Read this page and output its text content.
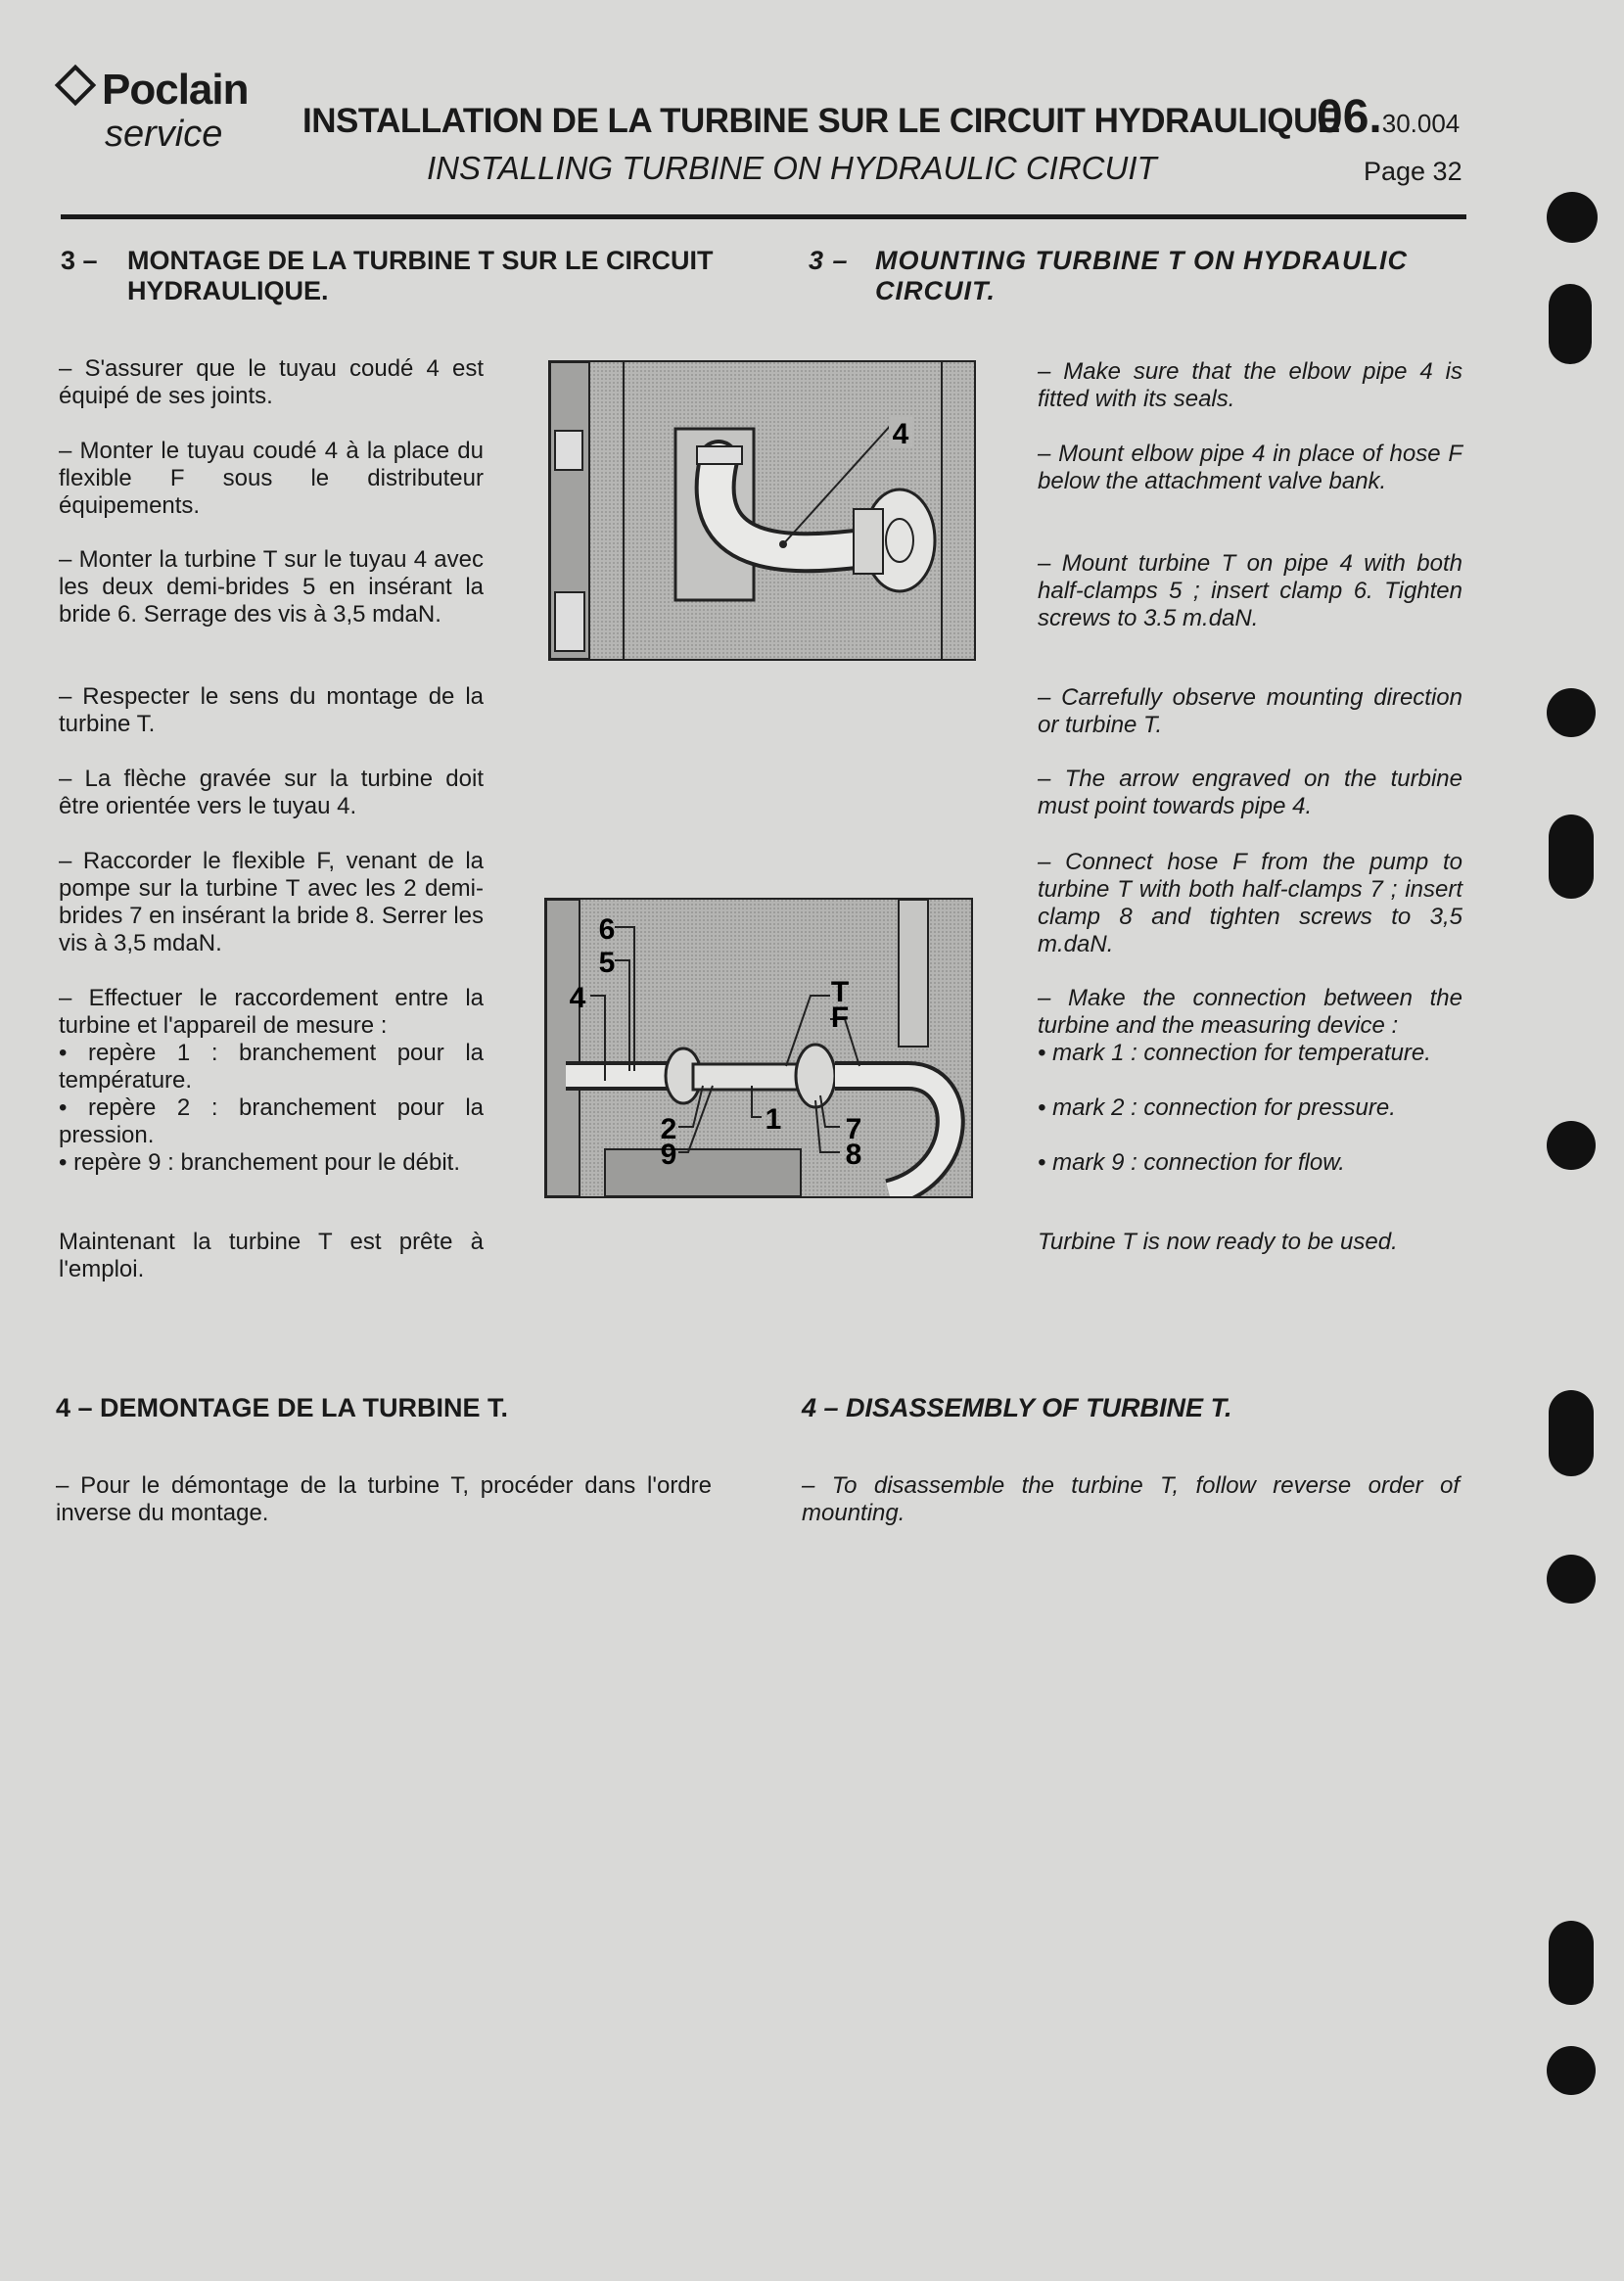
Poclain
service INSTALLATION DE LA TURBINE SUR LE CIRCUIT HYDRAULIQUE
INSTALLING TURBINE ON HYDRAULIC CIRCUIT
06.30.004
Page 32
3 – MONTAGE DE LA TURBINE T SUR LE CIRCUIT
HYDRAULIQUE.
3 – MOUNTING TURBINE T ON HYDRAULIC
CIRCUIT.
– S'assurer que le tuyau coudé 4 est équipé de ses joints.
– Monter le tuyau coudé 4 à la place du flexible F sous le distributeur équipements.
– Monter la turbine T sur le tuyau 4 avec les deux demi-brides 5 en insérant la bride 6. Serrage des vis à 3,5 mdaN.
– Respecter le sens du montage de la turbine T.
– La flèche gravée sur la turbine doit être orientée vers le tuyau 4.
– Raccorder le flexible F, venant de la pompe sur la turbine T avec les 2 demi-brides 7 en insérant la bride 8. Serrer les vis à 3,5 mdaN.
– Effectuer le raccordement entre la turbine et l'appareil de mesure :
• repère 1 : branchement pour la température.
• repère 2 : branchement pour la pression.
• repère 9 : branchement pour le débit.
Maintenant la turbine T est prête à l'emploi.
– Make sure that the elbow pipe 4 is fitted with its seals.
– Mount elbow pipe 4 in place of hose F below the attachment valve bank.
– Mount turbine T on pipe 4 with both half-clamps 5 ; insert clamp 6. Tighten screws to 3.5 m.daN.
– Carrefully observe mounting direction or turbine T.
– The arrow engraved on the turbine must point towards pipe 4.
– Connect hose F from the pump to turbine T with both half-clamps 7 ; insert clamp 8 and tighten screws to 3,5 m.daN.
– Make the connection between the turbine and the measuring device :
• mark 1 : connection for temperature.
• mark 2 : connection for pressure.
• mark 9 : connection for flow.
Turbine T is now ready to be used.
4
6
5
4	T
F
2
9
1 7
8
4 – DEMONTAGE DE LA TURBINE T.	4 – DISASSEMBLY OF TURBINE T.
– Pour le démontage de la turbine T, procéder dans l'ordre inverse du montage.
– To disassemble the turbine T, follow reverse order of mounting.
